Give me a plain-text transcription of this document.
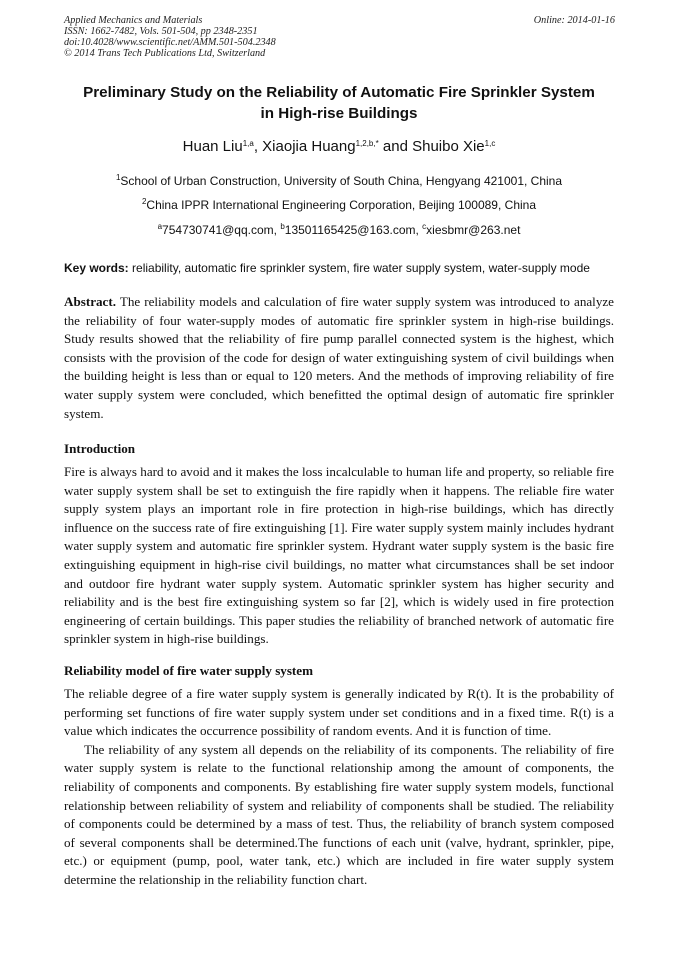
Applied Mechanics and Materials
ISSN: 1662-7482, Vols. 501-504, pp 2348-2351
doi:10.4028/www.scientific.net/AMM.501-504.2348
© 2014 Trans Tech Publications Ltd, Switzerland
Online: 2014-01-16
Preliminary Study on the Reliability of Automatic Fire Sprinkler System
in High-rise Buildings
Huan Liu$^{1,a}$, Xiaojia Huang$^{1,2,b,*}$ and Shuibo Xie$^{1,c}$
$^1$School of Urban Construction, University of South China, Hengyang 421001, China
$^2$China IPPR International Engineering Corporation, Beijing 100089, China
$^a$754730741@qq.com, $^b$13501165425@163.com, $^c$xiesbmr@263.net
Key words: reliability, automatic fire sprinkler system, fire water supply system, water-supply mode
Abstract. The reliability models and calculation of fire water supply system was introduced to analyze the reliability of four water-supply modes of automatic fire sprinkler system in high-rise buildings. Study results showed that the reliability of fire pump parallel connected system is the highest, which consists with the provision of the code for design of water extinguishing system of civil buildings when the building height is less than or equal to 120 meters. And the methods of improving reliability of fire water supply system were concluded, which benefitted the optimal design of automatic fire sprinkler system.
Introduction
Fire is always hard to avoid and it makes the loss incalculable to human life and property, so reliable fire water supply system shall be set to extinguish the fire rapidly when it happens. The reliable fire water supply system plays an important role in fire protection in high-rise buildings, which has directly influence on the success rate of fire extinguishing [1]. Fire water supply system mainly includes hydrant water supply system and automatic fire sprinkler system. Hydrant water supply system is the basic fire extinguishing equipment in high-rise civil buildings, no matter what circumstances shall be set indoor and outdoor fire hydrant water supply system. Automatic sprinkler system has higher security and reliability and is the best fire extinguishing system so far [2], which is widely used in fire protection engineering of certain buildings. This paper studies the reliability of branched network of automatic fire sprinkler system in high-rise buildings.
Reliability model of fire water supply system
The reliable degree of a fire water supply system is generally indicated by R(t). It is the probability of performing set functions of fire water supply system under set conditions and in a fixed time. R(t) is a value which indicates the occurrence possibility of random events. And it is function of time.
The reliability of any system all depends on the reliability of its components. The reliability of fire water supply system is relate to the functional relationship among the amount of components, the reliability of components and components. By establishing fire water supply system models, functional relationship between reliability of system and reliability of components shall be studied. The reliability of components could be determined by a mass of test. Thus, the reliability of branch system composed of several components shall be determined.The functions of each unit (valve, hydrant, sprinkler, pipe, etc.) or equipment (pump, pool, water tank, etc.) which are included in fire water supply system determine the relationship in the reliability function chart.
